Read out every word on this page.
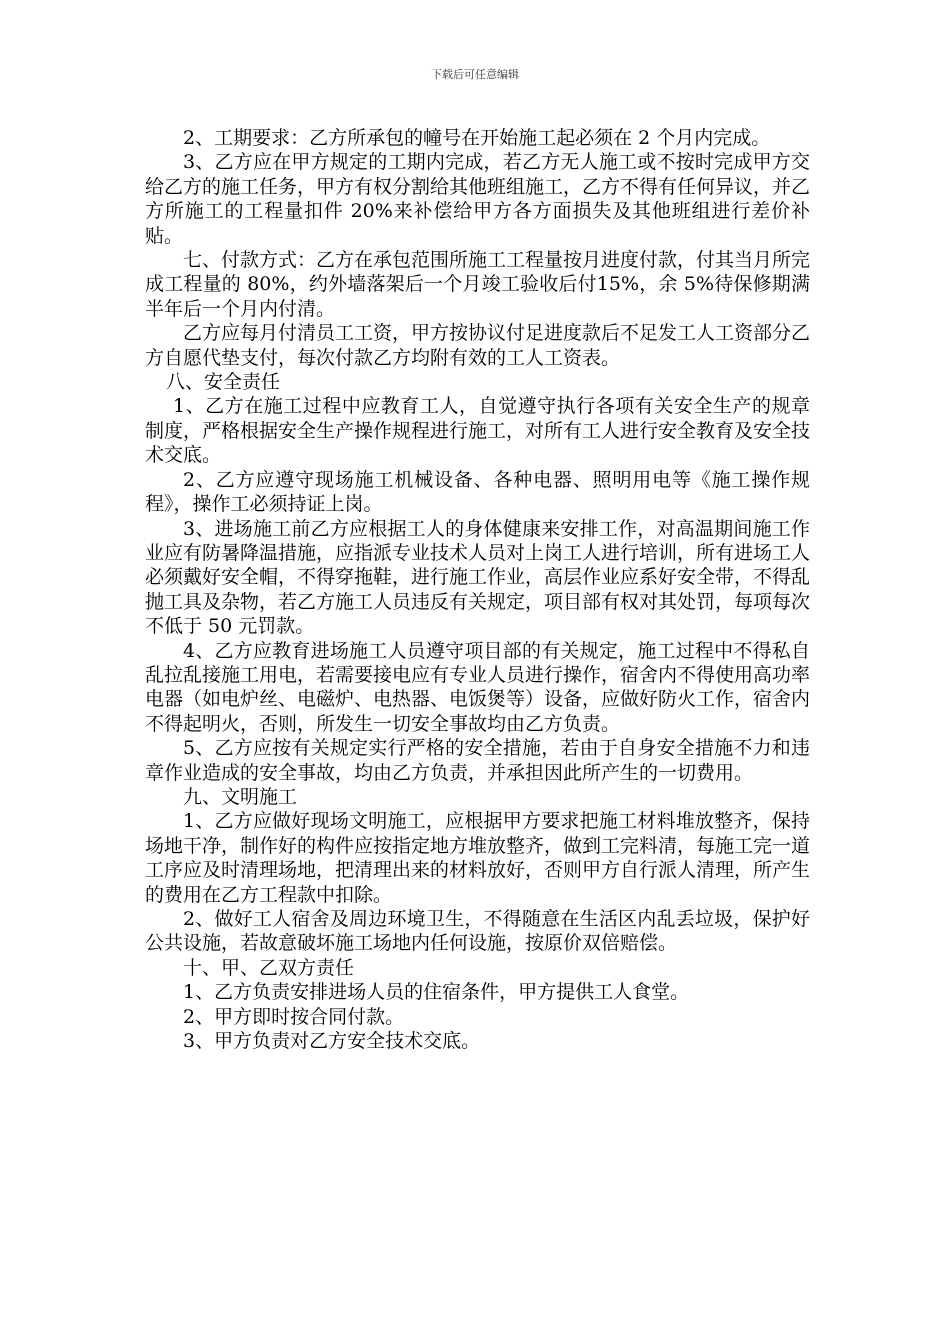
下载后可任意编辑

2、工期要求：乙方所承包的幢号在开始施工起必须在 2 个月内完成。

3、乙方应在甲方规定的工期内完成，若乙方无人施工或不按时完成甲方交给乙方的施工任务，甲方有权分割给其他班组施工，乙方不得有任何异议，并乙方所施工的工程量扣件 20%来补偿给甲方各方面损失及其他班组进行差价补贴。

七、付款方式：乙方在承包范围所施工工程量按月进度付款，付其当月所完成工程量的 80%，约外墙落架后一个月竣工验收后付15%，余 5%待保修期满半年后一个月内付清。

乙方应每月付清员工工资，甲方按协议付足进度款后不足发工人工资部分乙方自愿代垫支付，每次付款乙方均附有效的工人工资表。

八、安全责任

1、乙方在施工过程中应教育工人，自觉遵守执行各项有关安全生产的规章制度，严格根据安全生产操作规程进行施工，对所有工人进行安全教育及安全技术交底。

2、乙方应遵守现场施工机械设备、各种电器、照明用电等《施工操作规程》，操作工必须持证上岗。

3、进场施工前乙方应根据工人的身体健康来安排工作，对高温期间施工作业应有防暑降温措施，应指派专业技术人员对上岗工人进行培训，所有进场工人必须戴好安全帽，不得穿拖鞋，进行施工作业，高层作业应系好安全带，不得乱抛工具及杂物，若乙方施工人员违反有关规定，项目部有权对其处罚，每项每次不低于 50 元罚款。

4、乙方应教育进场施工人员遵守项目部的有关规定，施工过程中不得私自乱拉乱接施工用电，若需要接电应有专业人员进行操作，宿舍内不得使用高功率电器（如电炉丝、电磁炉、电热器、电饭煲等）设备，应做好防火工作，宿舍内不得起明火，否则，所发生一切安全事故均由乙方负责。

5、乙方应按有关规定实行严格的安全措施，若由于自身安全措施不力和违章作业造成的安全事故，均由乙方负责，并承担因此所产生的一切费用。

九、文明施工

1、乙方应做好现场文明施工，应根据甲方要求把施工材料堆放整齐，保持场地干净，制作好的构件应按指定地方堆放整齐，做到工完料清，每施工完一道工序应及时清理场地，把清理出来的材料放好，否则甲方自行派人清理，所产生的费用在乙方工程款中扣除。

2、做好工人宿舍及周边环境卫生，不得随意在生活区内乱丢垃圾，保护好公共设施，若故意破坏施工场地内任何设施，按原价双倍赔偿。

十、甲、乙双方责任

1、乙方负责安排进场人员的住宿条件，甲方提供工人食堂。

2、甲方即时按合同付款。

3、甲方负责对乙方安全技术交底。
